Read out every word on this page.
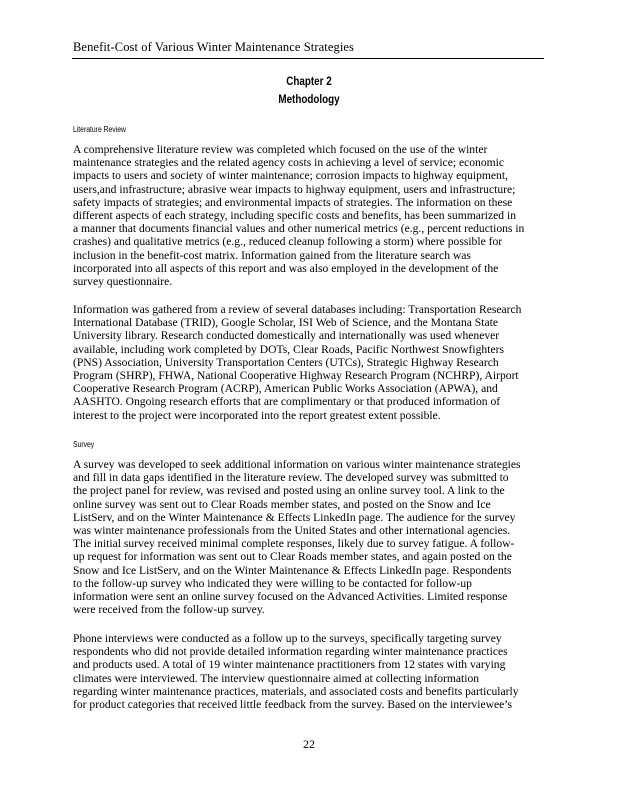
Benefit-Cost of Various Winter Maintenance Strategies
Chapter 2
Methodology
Literature Review
A comprehensive literature review was completed which focused on the use of the winter
maintenance strategies and the related agency costs in achieving a level of service; economic
impacts to users and society of winter maintenance; corrosion impacts to highway equipment,
users,and infrastructure; abrasive wear impacts to highway equipment, users and infrastructure;
safety impacts of strategies; and environmental impacts of strategies. The information on these
different aspects of each strategy, including specific costs and benefits, has been summarized in
a manner that documents financial values and other numerical metrics (e.g., percent reductions in
crashes) and qualitative metrics (e.g., reduced cleanup following a storm) where possible for
inclusion in the benefit-cost matrix. Information gained from the literature search was
incorporated into all aspects of this report and was also employed in the development of the
survey questionnaire.
Information was gathered from a review of several databases including: Transportation Research
International Database (TRID), Google Scholar, ISI Web of Science, and the Montana State
University library. Research conducted domestically and internationally was used whenever
available, including work completed by DOTs, Clear Roads, Pacific Northwest Snowfighters
(PNS) Association, University Transportation Centers (UTCs), Strategic Highway Research
Program (SHRP), FHWA, National Cooperative Highway Research Program (NCHRP), Airport
Cooperative Research Program (ACRP), American Public Works Association (APWA), and
AASHTO. Ongoing research efforts that are complimentary or that produced information of
interest to the project were incorporated into the report greatest extent possible.
Survey
A survey was developed to seek additional information on various winter maintenance strategies
and fill in data gaps identified in the literature review. The developed survey was submitted to
the project panel for review, was revised and posted using an online survey tool. A link to the
online survey was sent out to Clear Roads member states, and posted on the Snow and Ice
ListServ, and on the Winter Maintenance & Effects LinkedIn page. The audience for the survey
was winter maintenance professionals from the United States and other international agencies.
The initial survey received minimal complete responses, likely due to survey fatigue. A follow-
up request for information was sent out to Clear Roads member states, and again posted on the
Snow and Ice ListServ, and on the Winter Maintenance & Effects LinkedIn page. Respondents
to the follow-up survey who indicated they were willing to be contacted for follow-up
information were sent an online survey focused on the Advanced Activities. Limited response
were received from the follow-up survey.
Phone interviews were conducted as a follow up to the surveys, specifically targeting survey
respondents who did not provide detailed information regarding winter maintenance practices
and products used. A total of 19 winter maintenance practitioners from 12 states with varying
climates were interviewed. The interview questionnaire aimed at collecting information
regarding winter maintenance practices, materials, and associated costs and benefits particularly
for product categories that received little feedback from the survey. Based on the interviewee’s
22
